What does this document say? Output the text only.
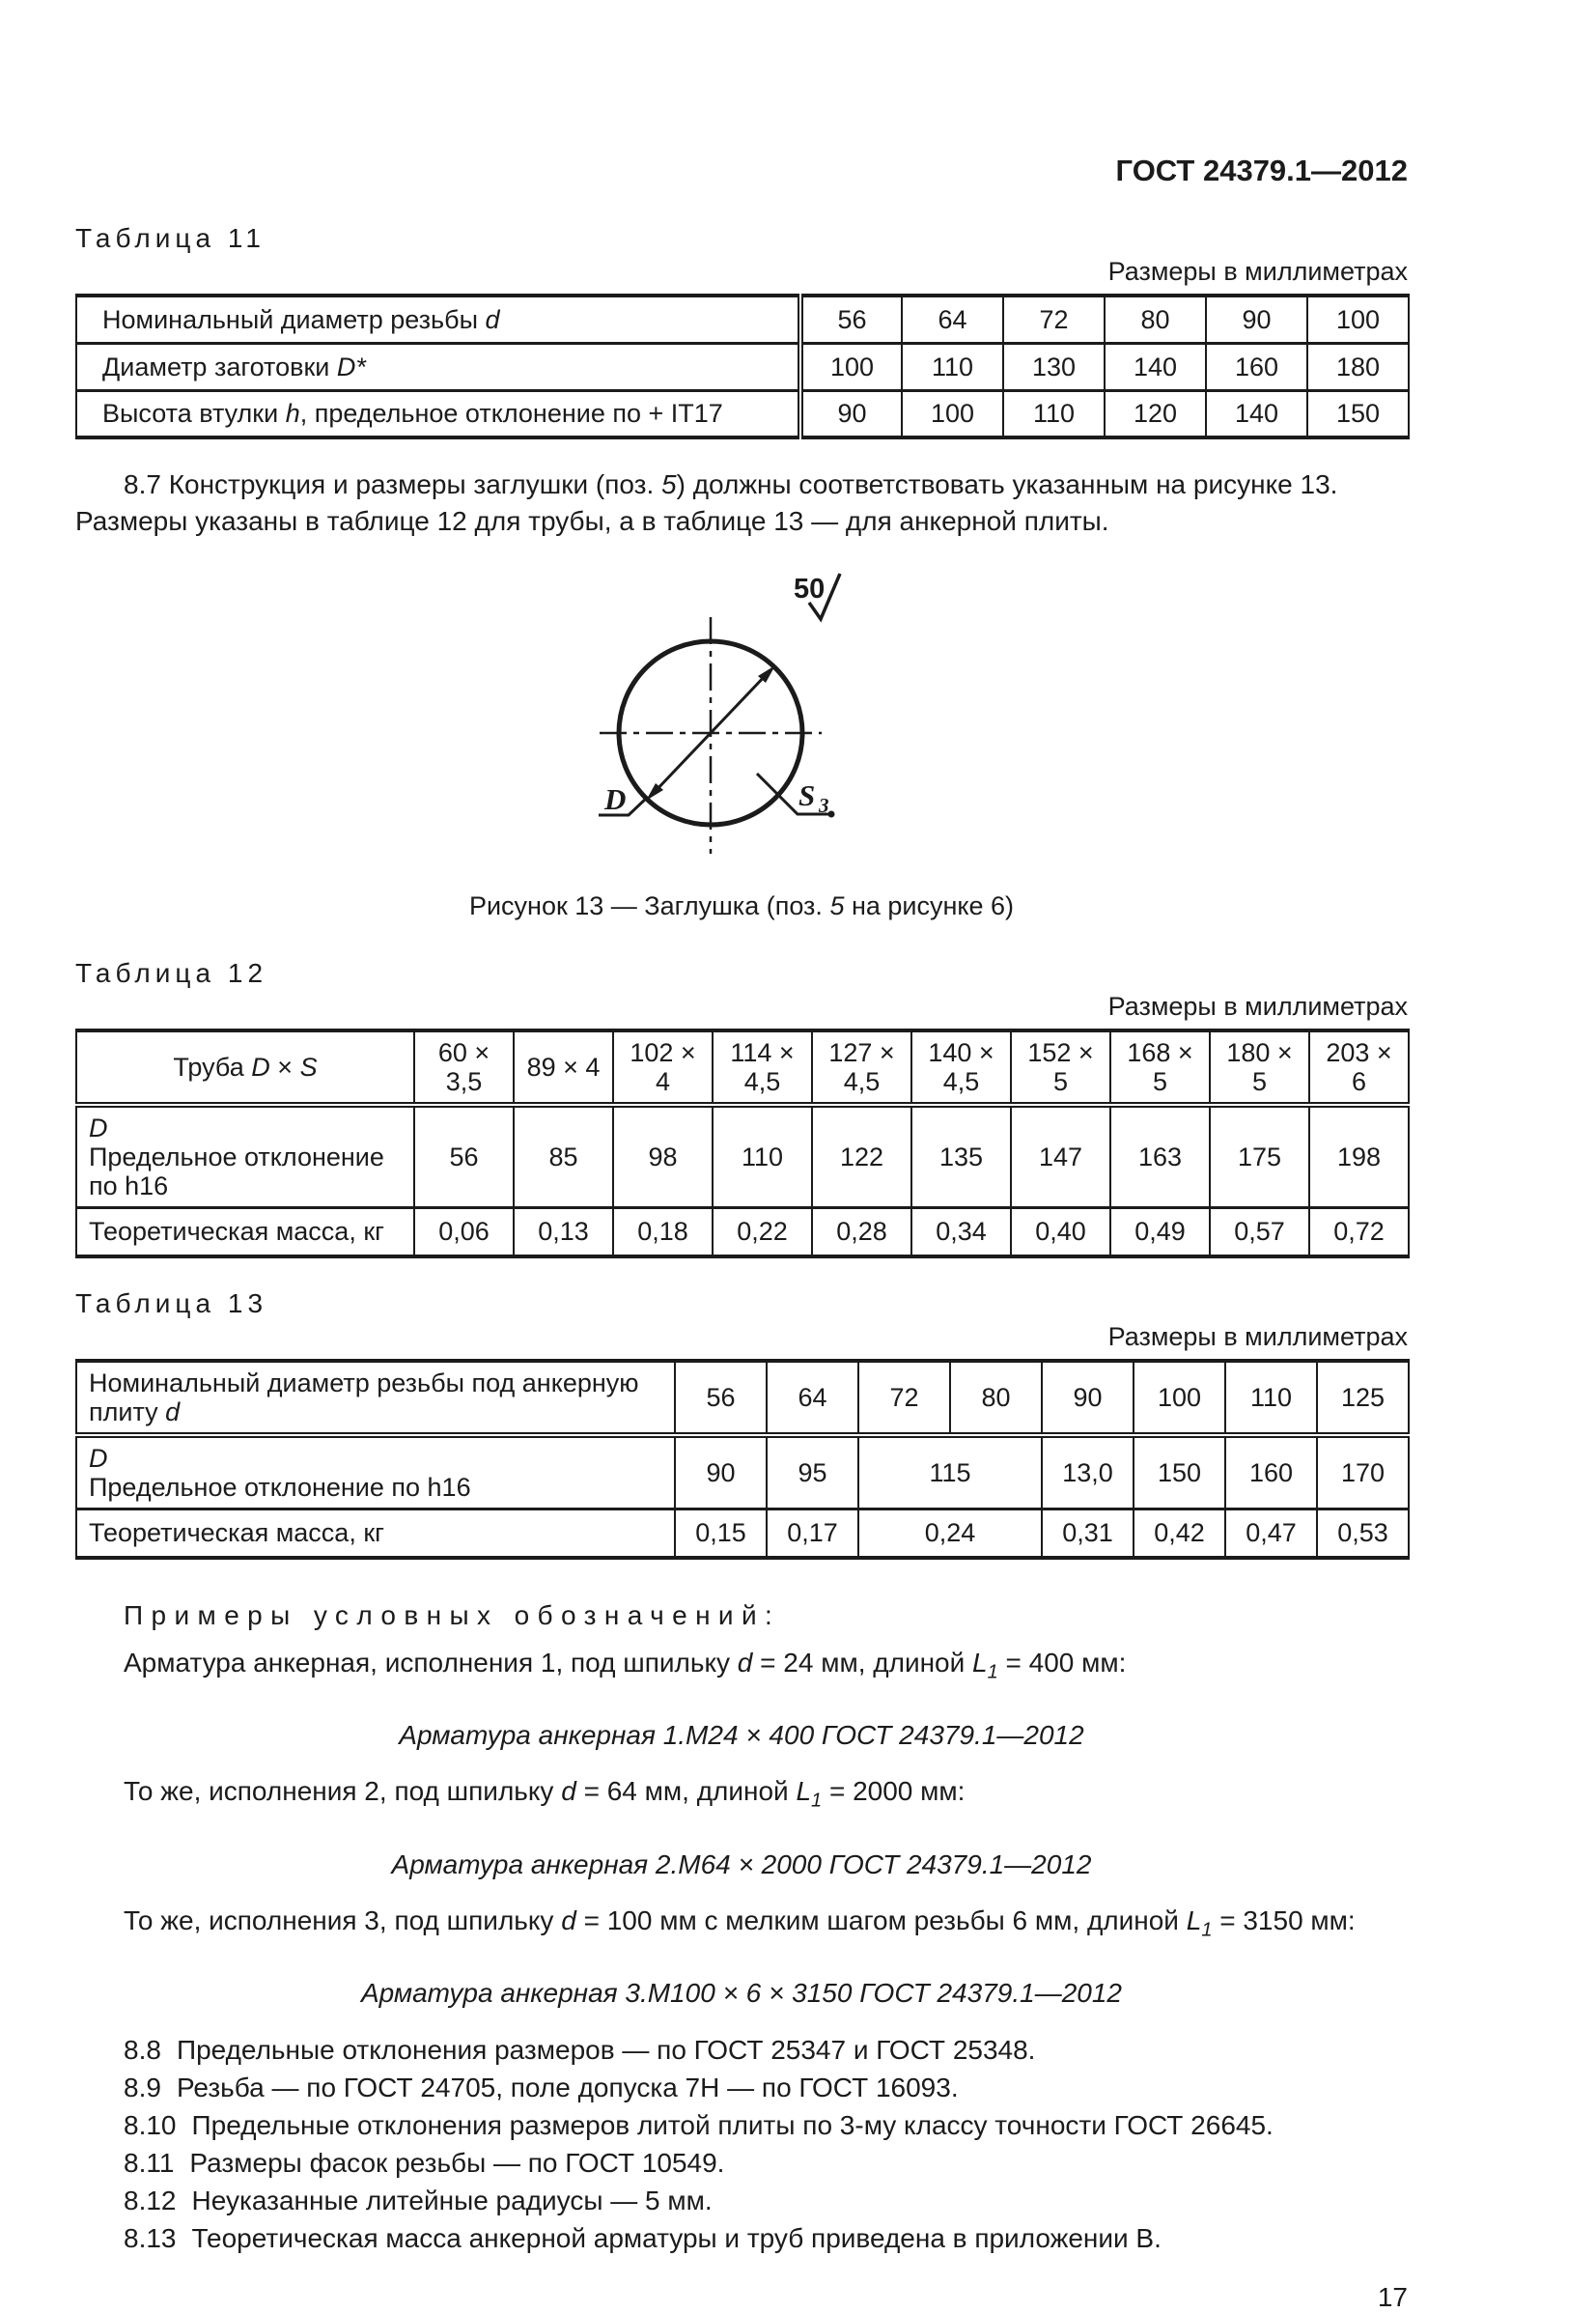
ГОСТ 24379.1—2012
Таблица 11
Размеры в миллиметрах
Номинальный диаметр резьбы d	56	64	72	80	90	100
Диаметр заготовки D*	100	110	130	140	160	180
Высота втулки h, предельное отклонение по + IT17	90	100	110	120	140	150

8.7 Конструкция и размеры заглушки (поз. 5) должны соответствовать указанным на рисунке 13. Размеры указаны в таблице 12 для трубы, а в таблице 13 — для анкерной плиты.

50
D	S 3
Рисунок 13 — Заглушка (поз. 5 на рисунке 6)
Таблица 12
Размеры в миллиметрах
Труба D × S	60 × 3,5	89 × 4	102 × 4	114 × 4,5	127 × 4,5	140 × 4,5	152 × 5	168 × 5	180 × 5	203 × 6
D
Предельное отклонение по h16	56	85	98	110	122	135	147	163	175	198
Теоретическая масса, кг	0,06	0,13	0,18	0,22	0,28	0,34	0,40	0,49	0,57	0,72
Таблица 13
Размеры в миллиметрах
Номинальный диаметр резьбы под анкерную плиту d	56	64	72	80	90	100	110	125
D
Предельное отклонение по h16	90	95	115		13,0	150	160	170
Теоретическая масса, кг	0,15	0,17	0,24		0,31	0,42	0,47	0,53
Примеры условных обозначений:

Арматура анкерная, исполнения 1, под шпильку d = 24 мм, длиной $L_1 = 400$ мм:

Арматура анкерная 1.М24 × 400 ГОСТ 24379.1—2012

То же, исполнения 2, под шпильку d = 64 мм, длиной $L_1 = 2000$ мм:

Арматура анкерная 2.М64 × 2000 ГОСТ 24379.1—2012

То же, исполнения 3, под шпильку d = 100 мм с мелким шагом резьбы 6 мм, длиной $L_1 = 3150$ мм:

Арматура анкерная 3.М100 × 6 × 3150 ГОСТ 24379.1—2012

8.8 Предельные отклонения размеров — по ГОСТ 25347 и ГОСТ 25348.
8.9 Резьба — по ГОСТ 24705, поле допуска 7Н — по ГОСТ 16093.
8.10 Предельные отклонения размеров литой плиты по 3-му классу точности ГОСТ 26645.
8.11 Размеры фасок резьбы — по ГОСТ 10549.
8.12 Неуказанные литейные радиусы — 5 мм.
8.13 Теоретическая масса анкерной арматуры и труб приведена в приложении В.
17
